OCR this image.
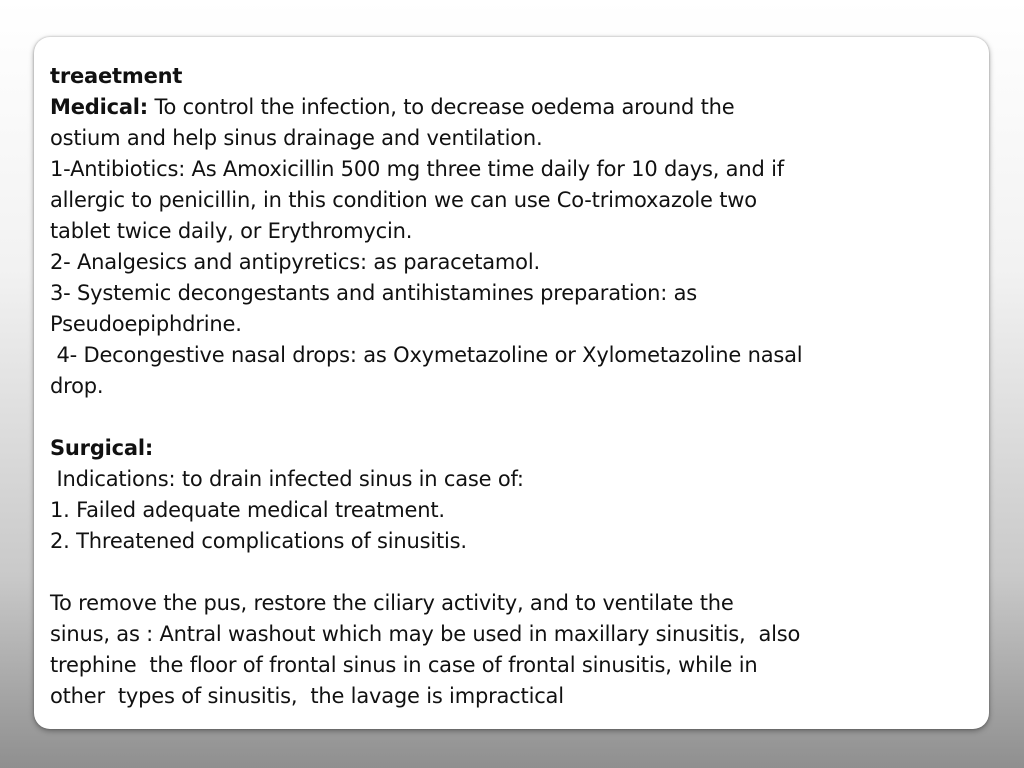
treaetment
Medical: To control the infection, to decrease oedema around the
ostium and help sinus drainage and ventilation.
1-Antibiotics: As Amoxicillin 500 mg three time daily for 10 days, and if
allergic to penicillin, in this condition we can use Co-trimoxazole two
tablet twice daily, or Erythromycin.
2- Analgesics and antipyretics: as paracetamol.
3- Systemic decongestants and antihistamines preparation: as
Pseudoepiphdrine.
4- Decongestive nasal drops: as Oxymetazoline or Xylometazoline nasal
drop.
Surgical:
Indications: to drain infected sinus in case of:
1. Failed adequate medical treatment.
2. Threatened complications of sinusitis.
To remove the pus, restore the ciliary activity, and to ventilate the
sinus, as : Antral washout which may be used in maxillary sinusitis,  also
trephine  the floor of frontal sinus in case of frontal sinusitis, while in
other  types of sinusitis,  the lavage is impractical
